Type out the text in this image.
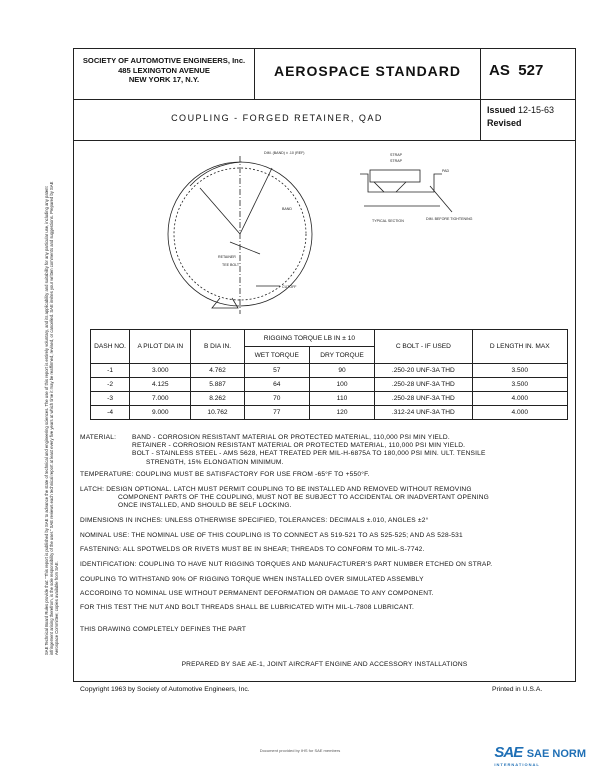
SOCIETY OF AUTOMOTIVE ENGINEERS, Inc.
485 LEXINGTON AVENUE
NEW YORK 17, N.Y.
AEROSPACE STANDARD	AS 527
COUPLING - FORGED RETAINER, QAD
Issued 12-15-63
Revised
SAE Technical Board Rules provide that: "This report is published by SAE to advance the state of technical and engineering sciences. The use of this report is entirely voluntary, and its applicability and suitability for any particular use, including any patent infringement arising therefrom, is the sole responsibility of the user." SAE reviews each technical report at least every five years at which time it may be reaffirmed, revised, or cancelled. SAE invites your written comments and suggestions. Prepared by SAE Aerospace Committee; copies available from SAE.
DIM. (BAND) ± .10 (REF)	STRAP
STRAP
PAD
TYPICAL SECTION	DIM. BEFORE TIGHTENING
BAND
RETAINER
TEE BOLT
CUTOFF
DASH NO.	A PILOT DIA IN	B DIA IN.	RIGGING TORQUE LB IN ± 10		C BOLT - IF USED	D LENGTH IN. MAX
			WET TORQUE	DRY TORQUE		
-1	3.000	4.762	57	90	.250-20 UNF-3A THD	3.500
-2	4.125	5.887	64	100	.250-28 UNF-3A THD	3.500
-3	7.000	8.262	70	110	.250-28 UNF-3A THD	4.000
-4	9.000	10.762	77	120	.312-24 UNF-3A THD	4.000
MATERIAL: BAND - CORROSION RESISTANT MATERIAL OR PROTECTED MATERIAL, 110,000 PSI MIN YIELD.
RETAINER - CORROSION RESISTANT MATERIAL OR PROTECTED MATERIAL, 110,000 PSI MIN YIELD.
BOLT - STAINLESS STEEL - AMS 5628, HEAT TREATED PER MIL-H-6875A TO 180,000 PSI MIN. ULT. TENSILE
STRENGTH, 15% ELONGATION MINIMUM.
TEMPERATURE: COUPLING MUST BE SATISFACTORY FOR USE FROM -65°F TO +550°F.
LATCH: DESIGN OPTIONAL. LATCH MUST PERMIT COUPLING TO BE INSTALLED AND REMOVED WITHOUT REMOVING
COMPONENT PARTS OF THE COUPLING, MUST NOT BE SUBJECT TO ACCIDENTAL OR INADVERTANT OPENING
ONCE INSTALLED, AND SHOULD BE SELF LOCKING.
DIMENSIONS IN INCHES: UNLESS OTHERWISE SPECIFIED, TOLERANCES: DECIMALS ±.010, ANGLES ±2°
NOMINAL USE: THE NOMINAL USE OF THIS COUPLING IS TO CONNECT AS 519-521 TO AS 525-525; AND AS 528-531
FASTENING: ALL SPOTWELDS OR RIVETS MUST BE IN SHEAR; THREADS TO CONFORM TO MIL-S-7742.
IDENTIFICATION: COUPLING TO HAVE NUT RIGGING TORQUES AND MANUFACTURER'S PART NUMBER ETCHED ON STRAP.
COUPLING TO WITHSTAND 90% OF RIGGING TORQUE WHEN INSTALLED OVER SIMULATED ASSEMBLY
ACCORDING TO NOMINAL USE WITHOUT PERMANENT DEFORMATION OR DAMAGE TO ANY COMPONENT.
FOR THIS TEST THE NUT AND BOLT THREADS SHALL BE LUBRICATED WITH MIL-L-7808 LUBRICANT.
THIS DRAWING COMPLETELY DEFINES THE PART
PREPARED BY SAE AE-1, JOINT AIRCRAFT ENGINE AND ACCESSORY INSTALLATIONS
Copyright 1963 by Society of Automotive Engineers, Inc.	Printed in U.S.A.
Document provided by IHS for SAE members	SAE SAE NORM
INTERNATIONAL
